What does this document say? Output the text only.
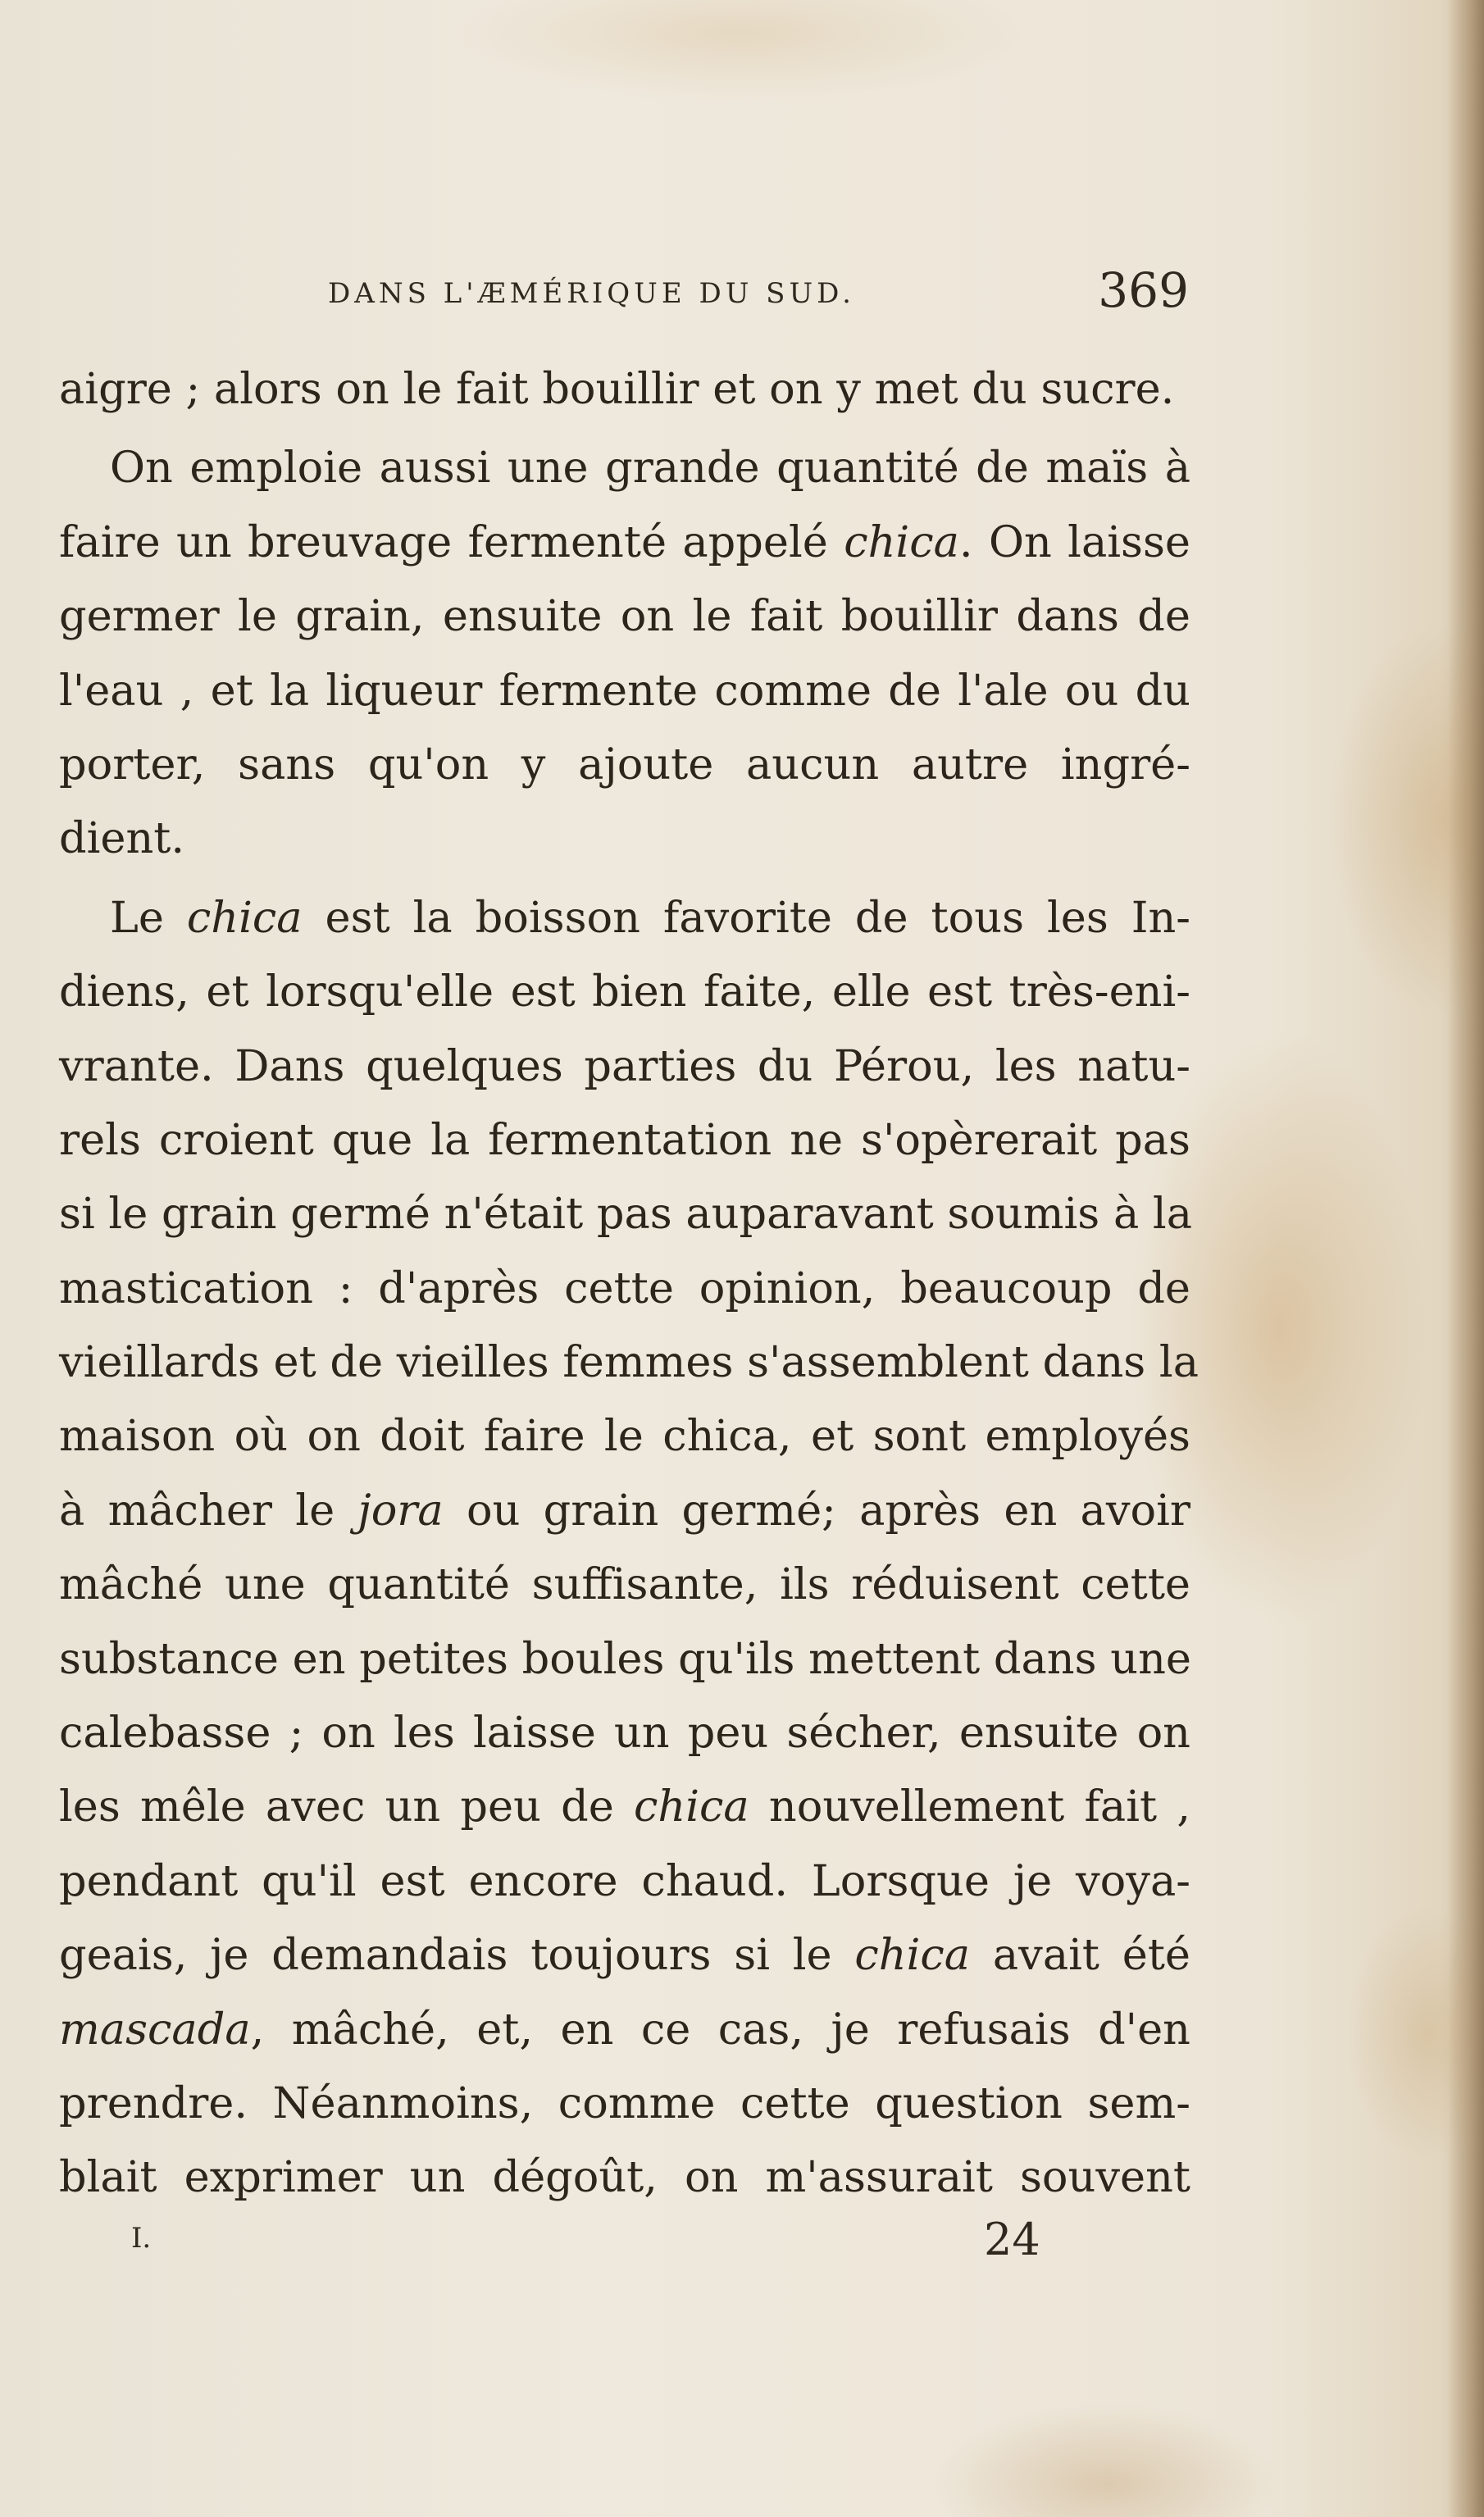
DANS L'ÆMÉRIQUE DU SUD.	369
aigre ; alors on le fait bouillir et on y met du sucre.
On emploie aussi une grande quantité de maïs à
faire un breuvage fermenté appelé chica. On laisse
germer le grain, ensuite on le fait bouillir dans de
l'eau , et la liqueur fermente comme de l'ale ou du
porter, sans qu'on y ajoute aucun autre ingré-
dient.
Le chica est la boisson favorite de tous les In-
diens, et lorsqu'elle est bien faite, elle est très-eni-
vrante. Dans quelques parties du Pérou, les natu-
rels croient que la fermentation ne s'opèrerait pas
si le grain germé n'était pas auparavant soumis à la
mastication : d'après cette opinion, beaucoup de
vieillards et de vieilles femmes s'assemblent dans la
maison où on doit faire le chica, et sont employés
à mâcher le jora ou grain germé; après en avoir
mâché une quantité suffisante, ils réduisent cette
substance en petites boules qu'ils mettent dans une
calebasse ; on les laisse un peu sécher, ensuite on
les mêle avec un peu de chica nouvellement fait ,
pendant qu'il est encore chaud. Lorsque je voya-
geais, je demandais toujours si le chica avait été
mascada, mâché, et, en ce cas, je refusais d'en
prendre. Néanmoins, comme cette question sem-
blait exprimer un dégoût, on m'assurait souvent
I.	24
